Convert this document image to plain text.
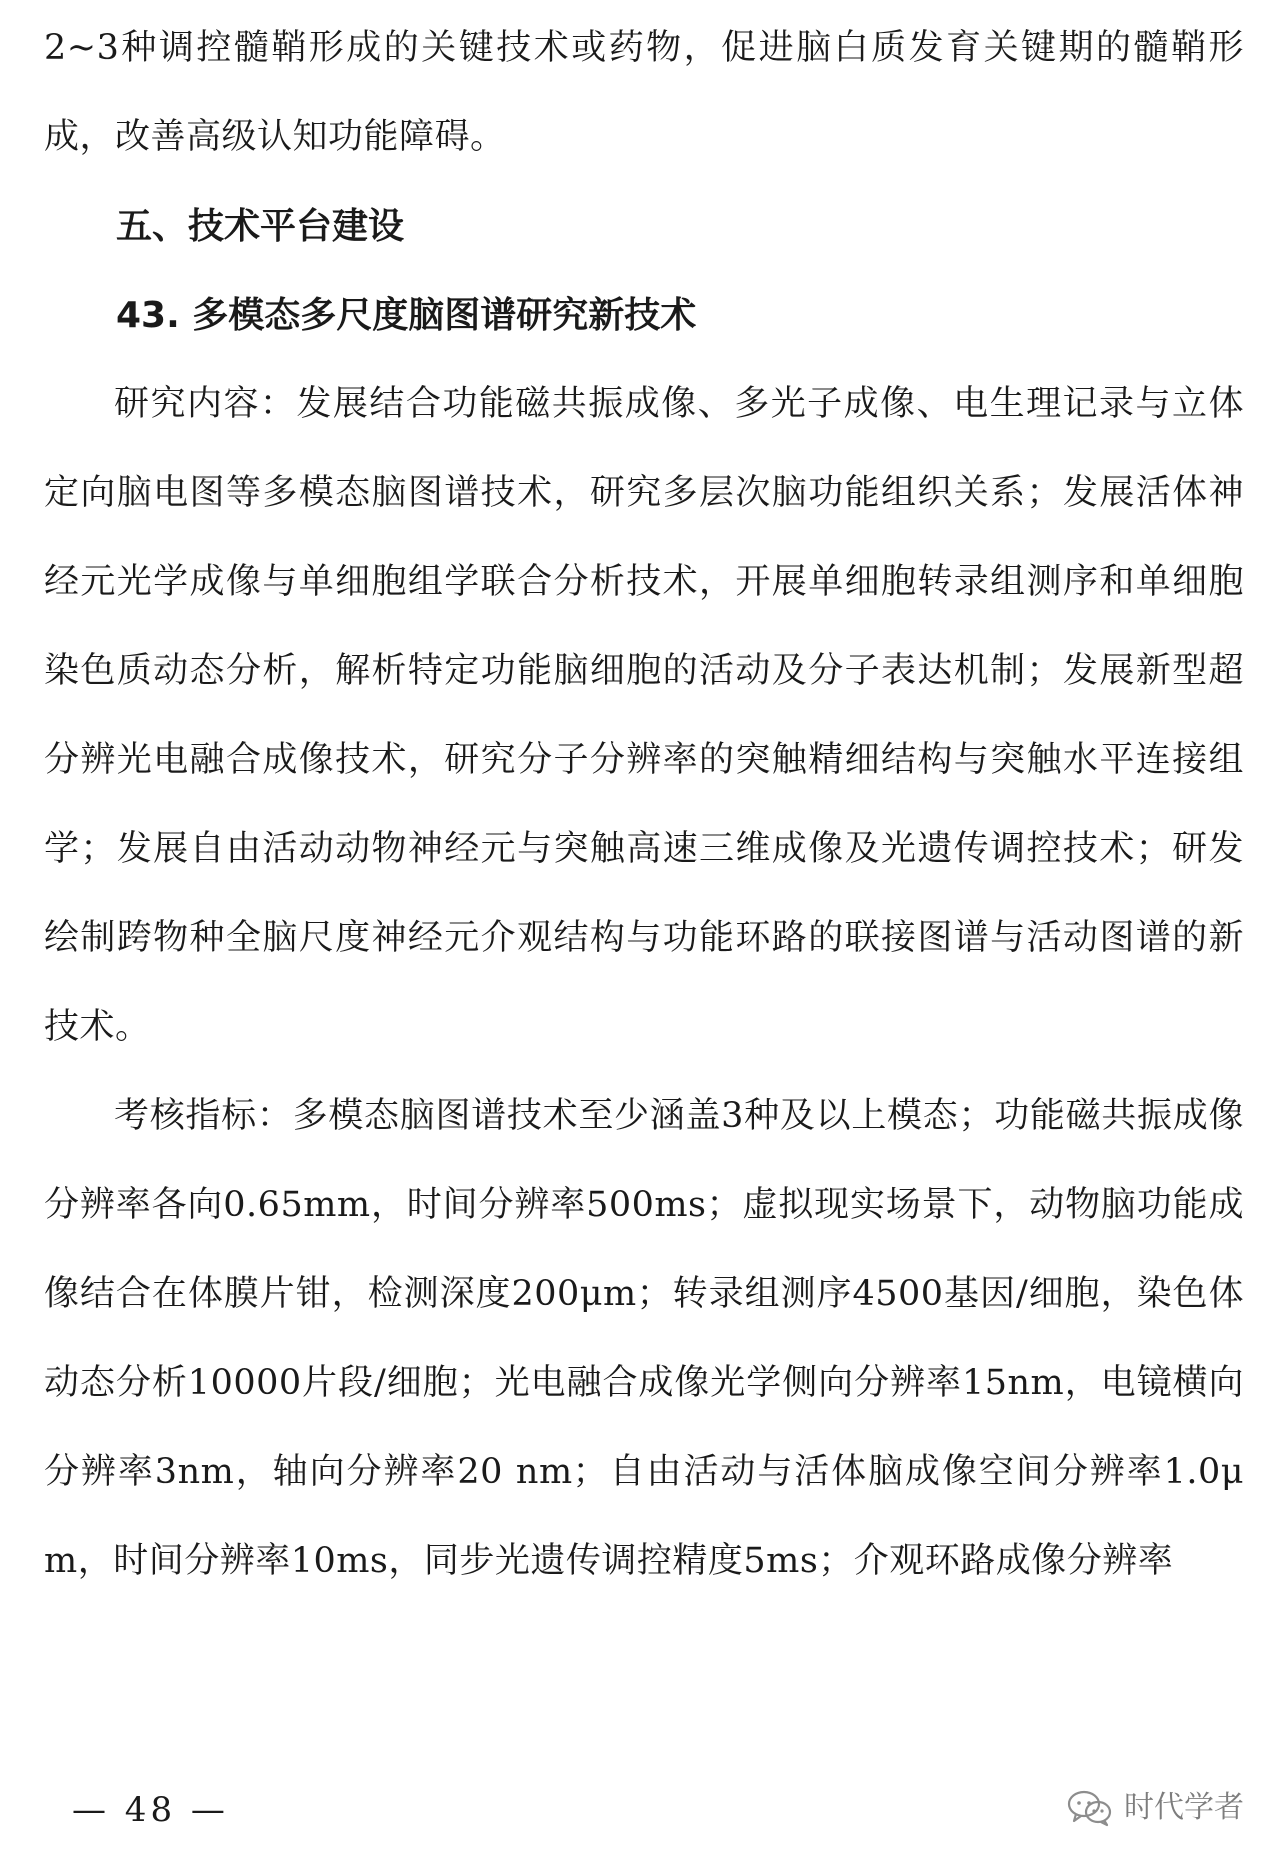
2~3种调控髓鞘形成的关键技术或药物，促进脑白质发育关键期的髓鞘形成，改善高级认知功能障碍。

五、技术平台建设

43. 多模态多尺度脑图谱研究新技术

研究内容：发展结合功能磁共振成像、多光子成像、电生理记录与立体定向脑电图等多模态脑图谱技术，研究多层次脑功能组织关系；发展活体神经元光学成像与单细胞组学联合分析技术，开展单细胞转录组测序和单细胞染色质动态分析，解析特定功能脑细胞的活动及分子表达机制；发展新型超分辨光电融合成像技术，研究分子分辨率的突触精细结构与突触水平连接组学；发展自由活动动物神经元与突触高速三维成像及光遗传调控技术；研发绘制跨物种全脑尺度神经元介观结构与功能环路的联接图谱与活动图谱的新技术。

考核指标：多模态脑图谱技术至少涵盖3种及以上模态；功能磁共振成像分辨率各向0.65mm，时间分辨率500ms；虚拟现实场景下，动物脑功能成像结合在体膜片钳，检测深度200μm；转录组测序4500基因/细胞，染色体动态分析10000片段/细胞；光电融合成像光学侧向分辨率15nm，电镜横向分辨率3nm，轴向分辨率20 nm；自由活动与活体脑成像空间分辨率1.0μm，时间分辨率10ms，同步光遗传调控精度5ms；介观环路成像分辨率

— 48 —	时代学者
